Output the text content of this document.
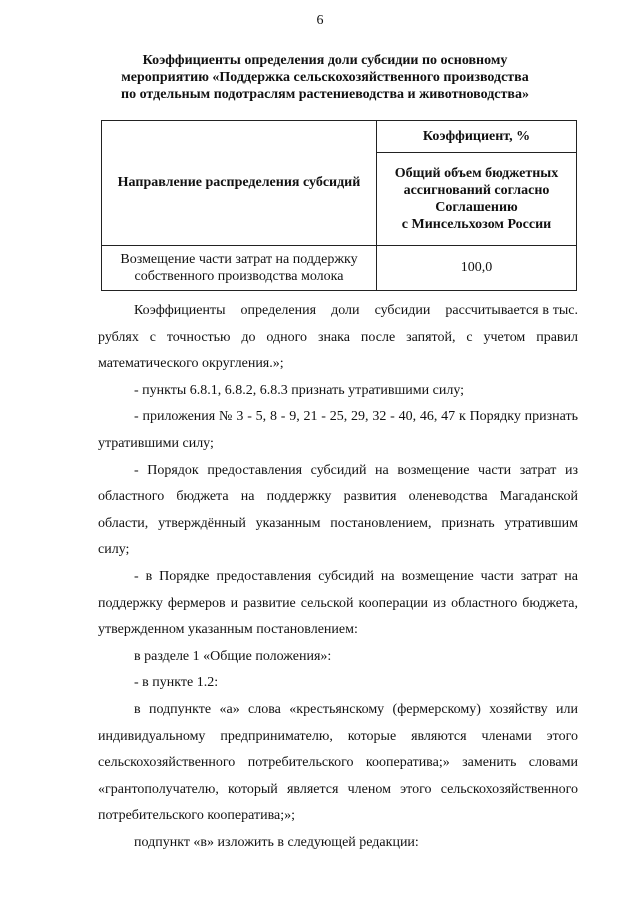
6
Коэффициенты определения доли субсидии по основному
мероприятию «Поддержка сельскохозяйственного производства
по отдельным подотраслям растениеводства и животноводства»
Направление распределения субсидий	Коэффициент, %

	Общий объем бюджетных
ассигнований согласно
Соглашению
с Минсельхозом России

Возмещение части затрат на поддержку
собственного производства молока	100,0

Коэффициенты    определения    доли    субсидии    рассчитывается в тыс. рублях с точностью до одного знака после запятой, с учетом правил математического округления.»;

- пункты 6.8.1, 6.8.2, 6.8.3 признать утратившими силу;

- приложения № 3 - 5, 8 - 9, 21 - 25, 29, 32 - 40, 46, 47 к Порядку признать утратившими силу;

- Порядок предоставления субсидий на возмещение части затрат из областного бюджета на поддержку развития оленеводства Магаданской области, утверждённый указанным постановлением, признать утратившим силу;

- в Порядке предоставления субсидий на возмещение части затрат на поддержку фермеров и развитие сельской кооперации из областного бюджета, утвержденном указанным постановлением:

в разделе 1 «Общие положения»:

- в пункте 1.2:

в подпункте «а» слова «крестьянскому (фермерскому) хозяйству или индивидуальному предпринимателю, которые являются членами этого сельскохозяйственного потребительского кооператива;» заменить словами

«грантополучателю, который является членом этого сельскохозяйственного потребительского кооператива;»;

подпункт «в» изложить в следующей редакции:
